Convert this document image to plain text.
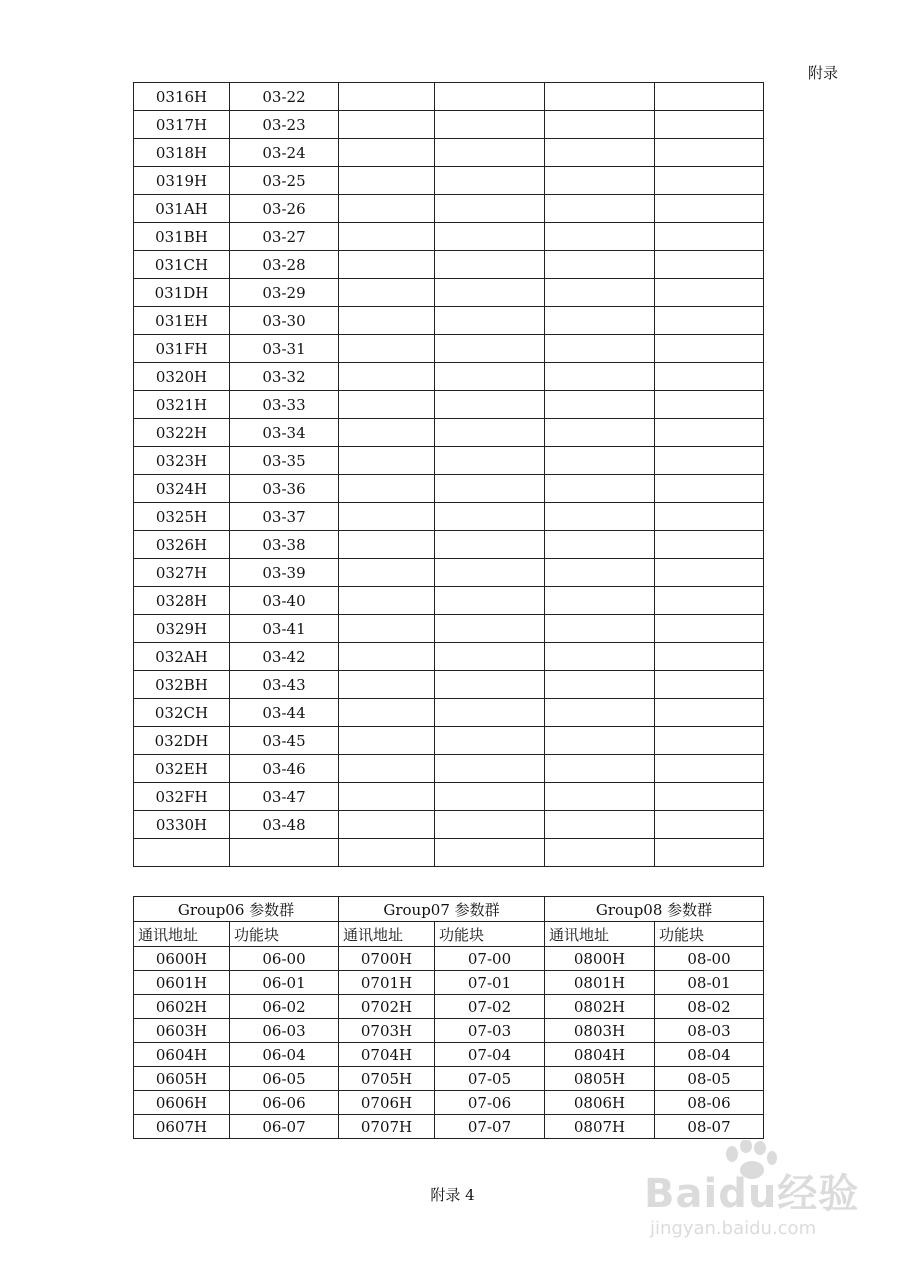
附录
0316H	03-22				
0317H	03-23				
0318H	03-24				
0319H	03-25				
031AH	03-26				
031BH	03-27				
031CH	03-28				
031DH	03-29				
031EH	03-30				
031FH	03-31				
0320H	03-32				
0321H	03-33				
0322H	03-34				
0323H	03-35				
0324H	03-36				
0325H	03-37				
0326H	03-38				
0327H	03-39				
0328H	03-40				
0329H	03-41				
032AH	03-42				
032BH	03-43				
032CH	03-44				
032DH	03-45				
032EH	03-46				
032FH	03-47				
0330H	03-48				

Group06 参数群		Group07 参数群		Group08 参数群	
通讯地址	功能块	通讯地址	功能块	通讯地址	功能块
0600H	06-00	0700H	07-00	0800H	08-00
0601H	06-01	0701H	07-01	0801H	08-01
0602H	06-02	0702H	07-02	0802H	08-02
0603H	06-03	0703H	07-03	0803H	08-03
0604H	06-04	0704H	07-04	0804H	08-04
0605H	06-05	0705H	07-05	0805H	08-05
0606H	06-06	0706H	07-06	0806H	08-06
0607H	06-07	0707H	07-07	0807H	08-07
附录 4	Baidu经验
jingyan.baidu.com
